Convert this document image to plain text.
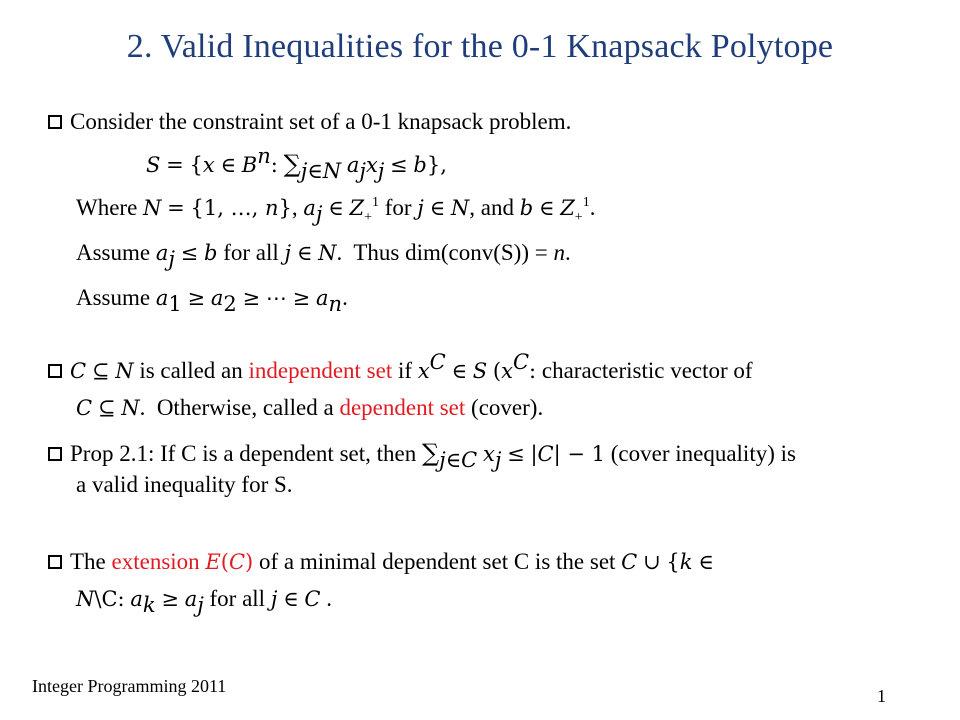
2. Valid Inequalities for the 0-1 Knapsack Polytope
Consider the constraint set of a 0-1 knapsack problem.
S = {x ∈ $B^n$: $\sum_{j\in N}$ $a_jx_j \le b$},
Where N = {1, …, n}, $a_j$ ∈ $Z_+^1$ for j ∈ N, and b ∈ $Z_+^1$.
Assume $a_j \le b$ for all j ∈ N.  Thus dim(conv(S)) = n.
Assume $a_1 \ge a_2$ ≥ ⋯ ≥ $a_n$.
C ⊆ N is called an independent set if $x^C$ ∈ S ($x^C$: characteristic vector of
C ⊆ N.  Otherwise, called a dependent set (cover).
Prop 2.1: If C is a dependent set, then $\sum_{j\in C}$ $x_j \le |C| - 1$ (cover inequality) is
a valid inequality for S.
The extension E(C) of a minimal dependent set C is the set C ∪ {k ∈
N\C: $a_k \ge a_j$ for all j ∈ C .
Integer Programming 2011	1
